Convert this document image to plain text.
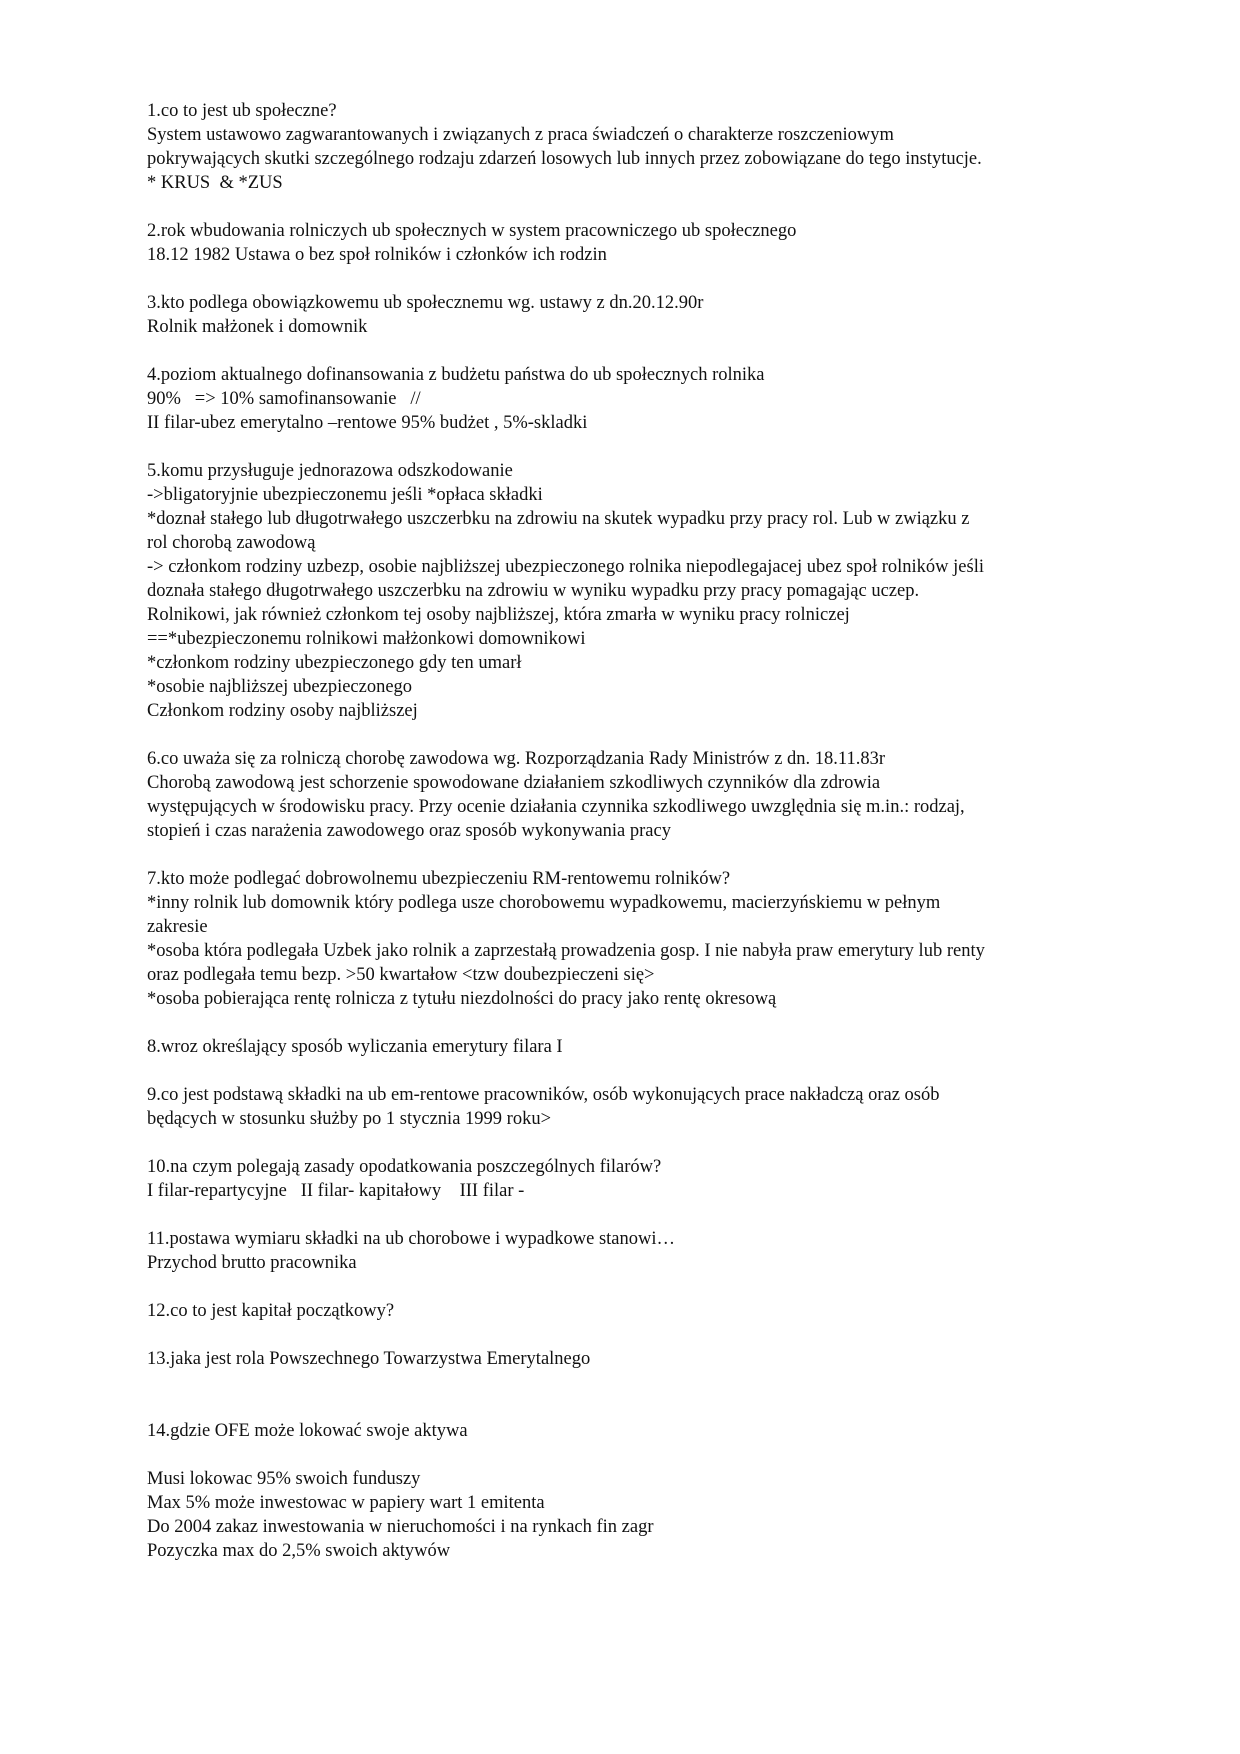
1.co to jest ub społeczne?
System ustawowo zagwarantowanych i związanych z praca świadczeń o charakterze roszczeniowym
pokrywających skutki szczególnego rodzaju zdarzeń losowych lub innych przez zobowiązane do tego instytucje.
* KRUS  & *ZUS
2.rok wbudowania rolniczych ub społecznych w system pracowniczego ub społecznego
18.12 1982 Ustawa o bez społ rolników i członków ich rodzin
3.kto podlega obowiązkowemu ub społecznemu wg. ustawy z dn.20.12.90r
Rolnik małżonek i domownik
4.poziom aktualnego dofinansowania z budżetu państwa do ub społecznych rolnika
90%   => 10% samofinansowanie   //
II filar-ubez emerytalno –rentowe 95% budżet , 5%-skladki
5.komu przysługuje jednorazowa odszkodowanie
->bligatoryjnie ubezpieczonemu jeśli *opłaca składki
*doznał stałego lub długotrwałego uszczerbku na zdrowiu na skutek wypadku przy pracy rol. Lub w związku z
rol chorobą zawodową
-> członkom rodziny uzbezp, osobie najbliższej ubezpieczonego rolnika niepodlegajacej ubez społ rolników jeśli
doznała stałego długotrwałego uszczerbku na zdrowiu w wyniku wypadku przy pracy pomagając uczep.
Rolnikowi, jak również członkom tej osoby najbliższej, która zmarła w wyniku pracy rolniczej
==*ubezpieczonemu rolnikowi małżonkowi domownikowi
*członkom rodziny ubezpieczonego gdy ten umarł
*osobie najbliższej ubezpieczonego
Członkom rodziny osoby najbliższej
6.co uważa się za rolniczą chorobę zawodowa wg. Rozporządzania Rady Ministrów z dn. 18.11.83r
Chorobą zawodową jest schorzenie spowodowane działaniem szkodliwych czynników dla zdrowia
występujących w środowisku pracy. Przy ocenie działania czynnika szkodliwego uwzględnia się m.in.: rodzaj,
stopień i czas narażenia zawodowego oraz sposób wykonywania pracy
7.kto może podlegać dobrowolnemu ubezpieczeniu RM-rentowemu rolników?
*inny rolnik lub domownik który podlega usze chorobowemu wypadkowemu, macierzyńskiemu w pełnym
zakresie
*osoba która podlegała Uzbek jako rolnik a zaprzestałą prowadzenia gosp. I nie nabyła praw emerytury lub renty
oraz podlegała temu bezp. >50 kwartałow <tzw doubezpieczeni się>
*osoba pobierająca rentę rolnicza z tytułu niezdolności do pracy jako rentę okresową
8.wroz określający sposób wyliczania emerytury filara I
9.co jest podstawą składki na ub em-rentowe pracowników, osób wykonujących prace nakładczą oraz osób
będących w stosunku służby po 1 stycznia 1999 roku>
10.na czym polegają zasady opodatkowania poszczególnych filarów?
I filar-repartycyjne   II filar- kapitałowy    III filar -
11.postawa wymiaru składki na ub chorobowe i wypadkowe stanowi…
Przychod brutto pracownika
12.co to jest kapitał początkowy?
13.jaka jest rola Powszechnego Towarzystwa Emerytalnego
14.gdzie OFE może lokować swoje aktywa
Musi lokowac 95% swoich funduszy
Max 5% może inwestowac w papiery wart 1 emitenta
Do 2004 zakaz inwestowania w nieruchomości i na rynkach fin zagr
Pozyczka max do 2,5% swoich aktywów
